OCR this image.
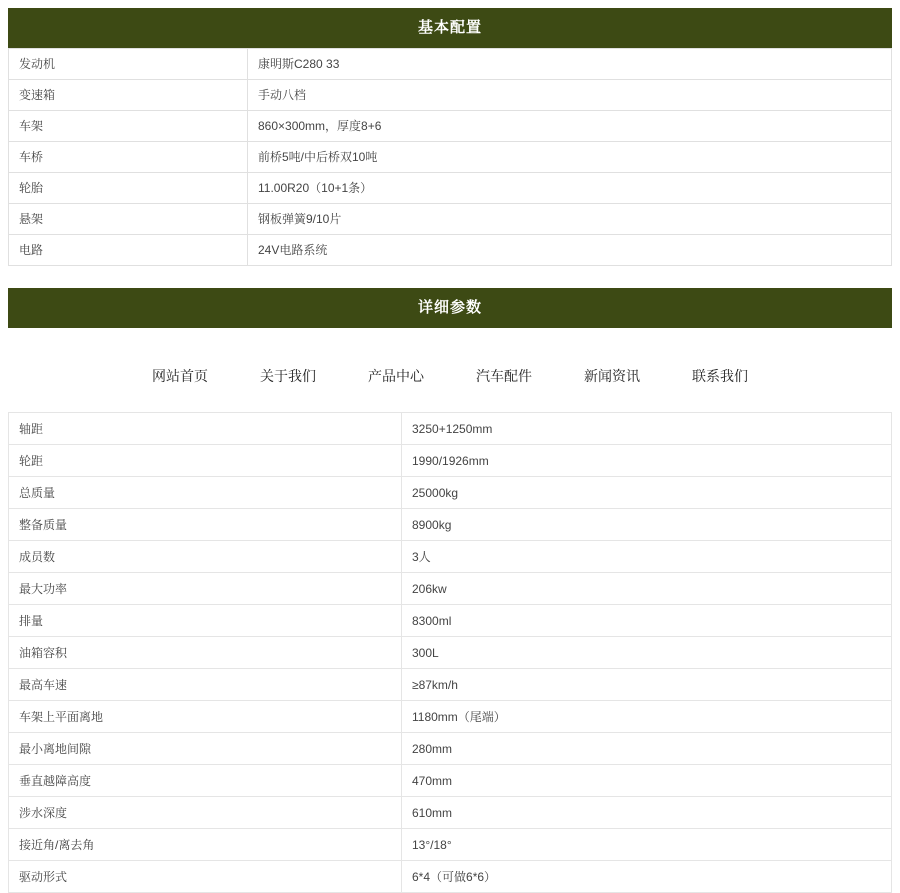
基本配置
发动机	康明斯C280 33
变速箱	手动八档
车架	860×300mm，厚度8+6
车桥	前桥5吨/中后桥双10吨
轮胎	11.00R20（10+1条）
悬架	钢板弹簧9/10片
电路	24V电路系统
详细参数
网站首页	关于我们	产品中心	汽车配件	新闻资讯	联系我们
轴距	3250+1250mm
轮距	1990/1926mm
总质量	25000kg
整备质量	8900kg
成员数	3人
最大功率	206kw
排量	8300ml
油箱容积	300L
最高车速	≥87km/h
车架上平面离地	1180mm（尾端）
最小离地间隙	280mm
垂直越障高度	470mm
涉水深度	610mm
接近角/离去角	13°/18°
驱动形式	6*4（可做6*6）
